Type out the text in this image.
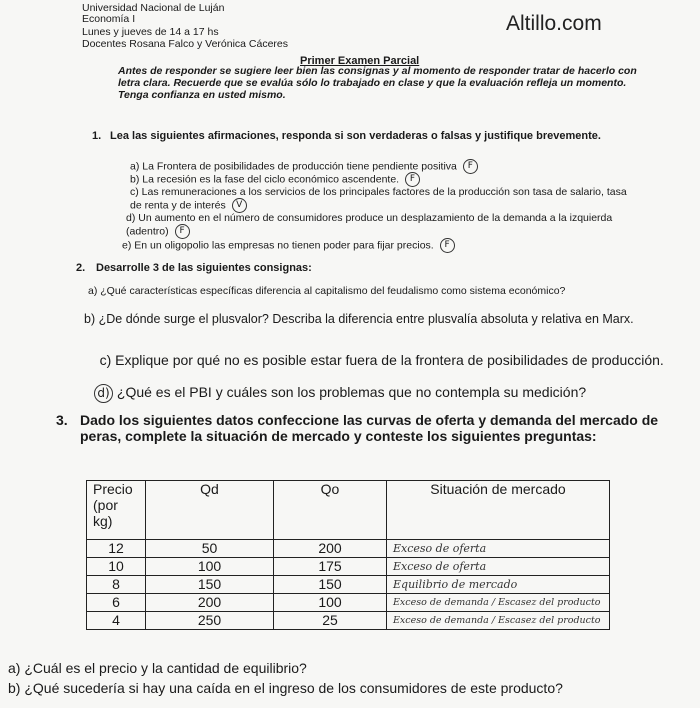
Universidad Nacional de Luján
Economía I
Lunes y jueves de 14 a 17 hs
Docentes Rosana Falco y Verónica Cáceres
Altillo.com
Primer Examen Parcial
Antes de responder se sugiere leer bien las consignas y al momento de responder tratar de hacerlo con letra clara. Recuerde que se evalúa sólo lo trabajado en clase y que la evaluación refleja un momento. Tenga confianza en usted mismo.
1. Lea las siguientes afirmaciones, responda si son verdaderas o falsas y justifique brevemente.
a) La Frontera de posibilidades de producción tiene pendiente positiva F
b) La recesión es la fase del ciclo económico ascendente. F
c) Las remuneraciones a los servicios de los principales factores de la producción son tasa de salario, tasa de renta y de interés V
d) Un aumento en el número de consumidores produce un desplazamiento de la demanda a la izquierda (adentro) F
e) En un oligopolio las empresas no tienen poder para fijar precios. F
2. Desarrolle 3 de las siguientes consignas:
a) ¿Qué características específicas diferencia al capitalismo del feudalismo como sistema económico?
b) ¿De dónde surge el plusvalor? Describa la diferencia entre plusvalía absoluta y relativa en Marx.
c) Explique por qué no es posible estar fuera de la frontera de posibilidades de producción.
d) ¿Qué es el PBI y cuáles son los problemas que no contempla su medición?
3. Dado los siguientes datos confeccione las curvas de oferta y demanda del mercado de peras, complete la situación de mercado y conteste los siguientes preguntas:
Precio (por kg)	Qd	Qo	Situación de mercado
12	50	200	Exceso de oferta
10	100	175	Exceso de oferta
8	150	150	Equilibrio de mercado
6	200	100	Exceso de demanda / Escasez del producto
4	250	25	Exceso de demanda / Escasez del producto
a) ¿Cuál es el precio y la cantidad de equilibrio?
b) ¿Qué sucedería si hay una caída en el ingreso de los consumidores de este producto?
